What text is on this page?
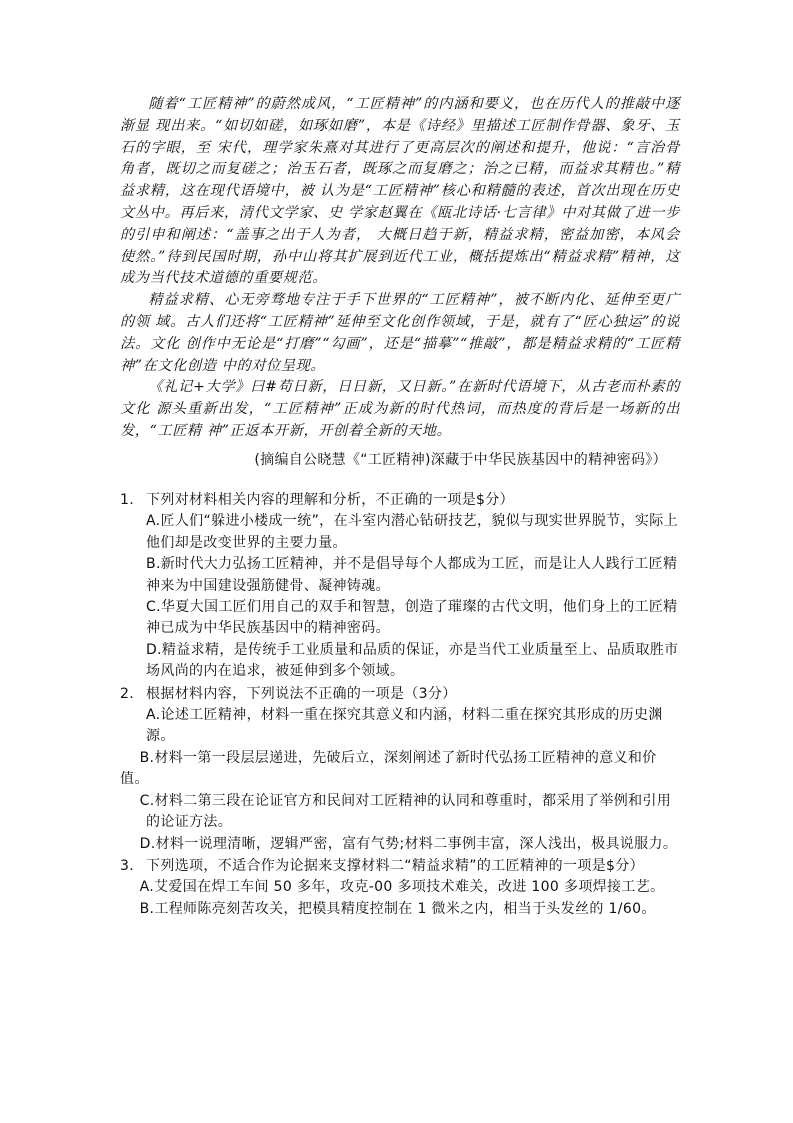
随着“工匠精神”的蔚然成风，“工匠精神”的内涵和要义，也在历代人的推敲中逐渐显 现出来。“如切如磋，如琢如磨”，本是《诗经》里描述工匠制作骨器、象牙、玉石的字眼，至 宋代，理学家朱熹对其进行了更高层次的阐述和提升，他说：“言治骨角者，既切之而复磋之；治玉石者，既琢之而复磨之；治之已精，而益求其精也。”精益求精，这在现代语境中，被 认为是“工匠精神”核心和精髓的表述，首次出现在历史文丛中。再后来，清代文学家、史 学家赵翼在《瓯北诗话·七言律》中对其做了进一步的引申和阐述：“盖事之出于人为者， 大概日趋于新，精益求精，密益加密，本风会使然。”待到民国时期，孙中山将其扩展到近代工业，概括提炼出“精益求精”精神，这成为当代技术道德的重要规范。

精益求精、心无旁骛地专注于手下世界的“工匠精神”，被不断内化、延伸至更广的领 域。古人们还将“工匠精神”延伸至文化创作领域，于是，就有了“匠心独运”的说法。文化 创作中无论是“打磨”“勾画”，还是“描摹”“推敲”，都是精益求精的“工匠精神”在文化创造 中的对位呈现。

《礼记+大学》曰#苟日新，日日新，又日新。”在新时代语境下，从古老而朴素的文化 源头重新出发，“工匠精神”正成为新的时代热词，而热度的背后是一场新的出发，“工匠精 神”正返本开新，开创着全新的天地。

(摘编自公晓慧《“工匠精神)深藏于中华民族基因中的精神密码》）
1. 下列对材料相关内容的理解和分析，不正确的一项是$分）
A.匠人们“躲进小楼成一统”，在斗室内潜心钻研技艺，貌似与现实世界脱节，实际上他们却是改变世界的主要力量。
B.新时代大力弘扬工匠精神，并不是倡导每个人都成为工匠，而是让人人践行工匠精神来为中国建设强筋健骨、凝神铸魂。
C.华夏大国工匠们用自己的双手和智慧，创造了璀璨的古代文明，他们身上的工匠精神已成为中华民族基因中的精神密码。
D.精益求精，是传统手工业质量和品质的保证，亦是当代工业质量至上、品质取胜市场风尚的内在追求，被延伸到多个领域。
2. 根据材料内容，下列说法不正确的一项是（3分）
A.论述工匠精神，材料一重在探究其意义和内涵，材料二重在探究其形成的历史渊源。
B.材料一第一段层层递进，先破后立，深刻阐述了新时代弘扬工匠精神的意义和价值。
C.材料二第三段在论证官方和民间对工匠精神的认同和尊重时，都采用了举例和引用
的论证方法。
D.材料一说理清晰，逻辑严密，富有气势;材料二事例丰富，深人浅出，极具说服力。
3. 下列选项，不适合作为论据来支撑材料二“精益求精”的工匠精神的一项是$分）
A.艾爱国在焊工车间 50 多年，攻克-00 多项技术难关，改进 100 多项焊接工艺。
B.工程师陈亮刻苦攻关，把模具精度控制在 1 微米之内，相当于头发丝的 1/60。
